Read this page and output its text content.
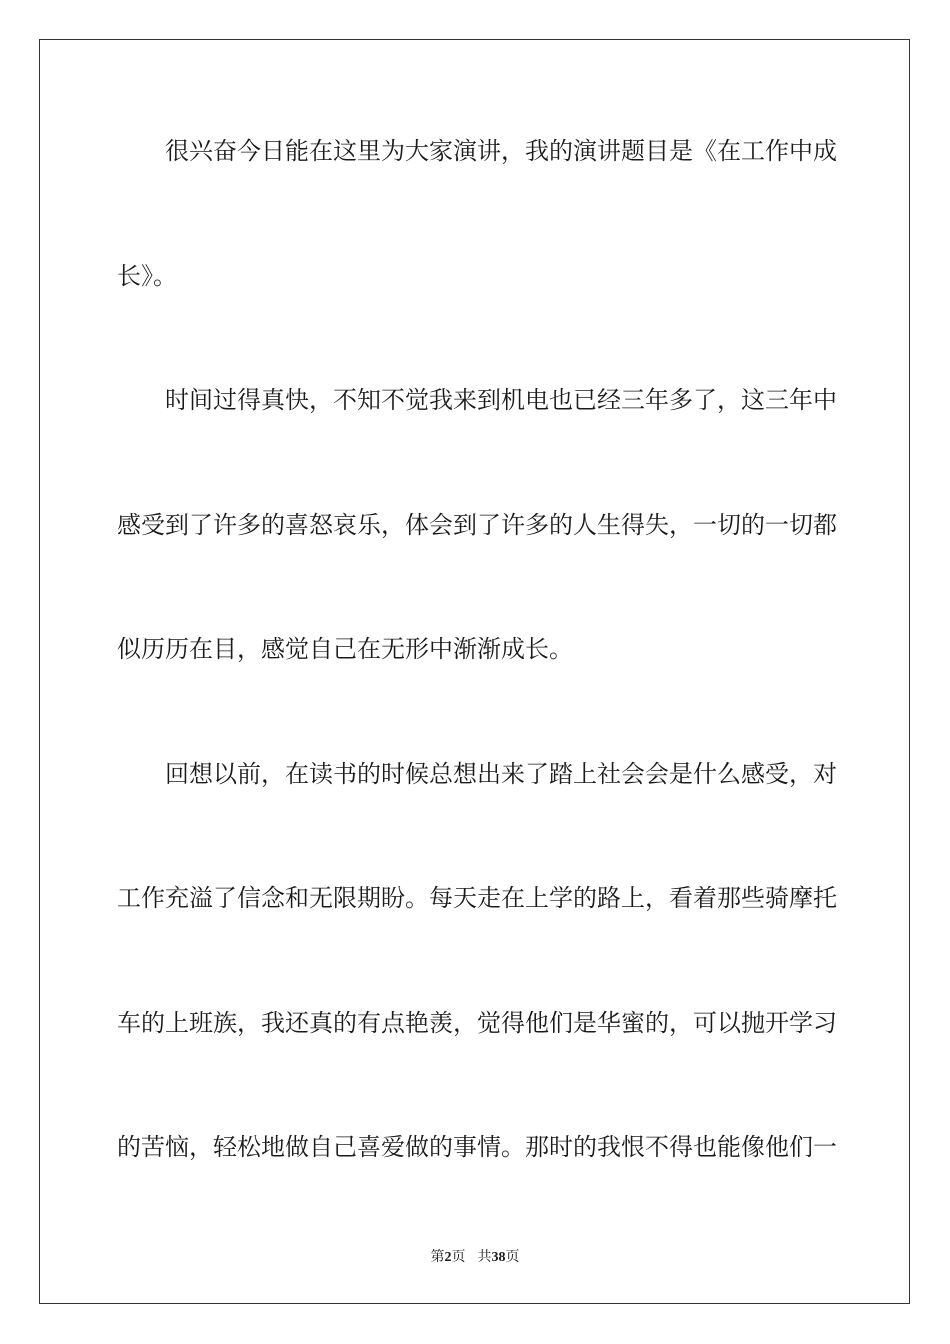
很兴奋今日能在这里为大家演讲，我的演讲题目是《在工作中成
长》。
时间过得真快，不知不觉我来到机电也已经三年多了，这三年中
感受到了许多的喜怒哀乐，体会到了许多的人生得失，一切的一切都
似历历在目，感觉自己在无形中渐渐成长。
回想以前，在读书的时候总想出来了踏上社会会是什么感受，对
工作充溢了信念和无限期盼。每天走在上学的路上，看着那些骑摩托
车的上班族，我还真的有点艳羡，觉得他们是华蜜的，可以抛开学习
的苦恼，轻松地做自己喜爱做的事情。那时的我恨不得也能像他们一
第2页 共38页
